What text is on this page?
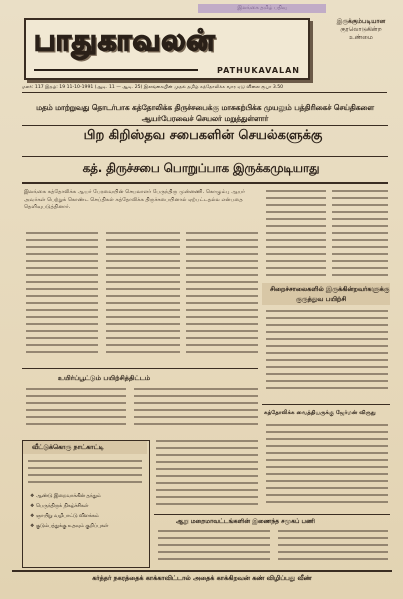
இலங்கை தமிழ் பதிவு
பாதுகாவலன்
PATHUKAVALAN
இருக்கும்படியான
குரலொடுகின்ற
உண்மை
மலர்: 117 இதழ்: 19 11-10-1991 (ஆடி. 11 — ஆடி. 25) இலங்கையின் முதல் தமிழ் கத்தோலிக்க வார ஏடு விலை ரூபா 3.50
மதம் மாற்றுவது தொடர்பாக கத்தோலிக்க திருச்சபைக்கு மாசுகற்பிக்க முயலும் பத்திரிகைச் செய்திகளை ஆயர்பேரவைச் செயலர் மறுத்துள்ளார்
பிற கிறிஸ்தவ சபைகளின் செயல்களுக்கு
கத். திருச்சபை பொறுப்பாக இருக்கமுடியாது
இலங்கை கத்தோலிக்க ஆயர் பேரவையின் செயலாளர் பேருந்திரு முன்னணி. கொழும்பு ஆயர் அவர்கள் பெற்றுக் கொண்ட செய்திகள் கத்தோலிக்க திருச்சபையினால் ஏற்பட்டதல்ல என்பதை தெளிவுபடுத்தினார்.
சிறைச்சாலைகளில் இருக்கின்றவர்களுக்கு
குருத்துவ பயிற்சி
உயிர்ப்பூட்டும் பயிற்சித்திட்டம்
கத்தோலிக்க வைத்தியருக்கு ஜேர்மன் விருது
வீட்டுக்கொரு நாட்காட்டி
❖ ஆண்டு இறைவாக்கின் தந்தும்
❖ பெருந்திருக் நிகழ்ச்சிகள்
❖ ஞாயிறு வழிபாட்டு விளக்கம்
❖ குடும்பத்துக்கு உதவும் குறிப்புகள்
ஆறு மறைமாவட்டங்களின் இணைந்த சமூகப் பணி
கர்த்தர் நகரத்தைக் காக்காவிட்டால் அதைக் காக்கிறவன் கண் விழிப்பது வீண்
